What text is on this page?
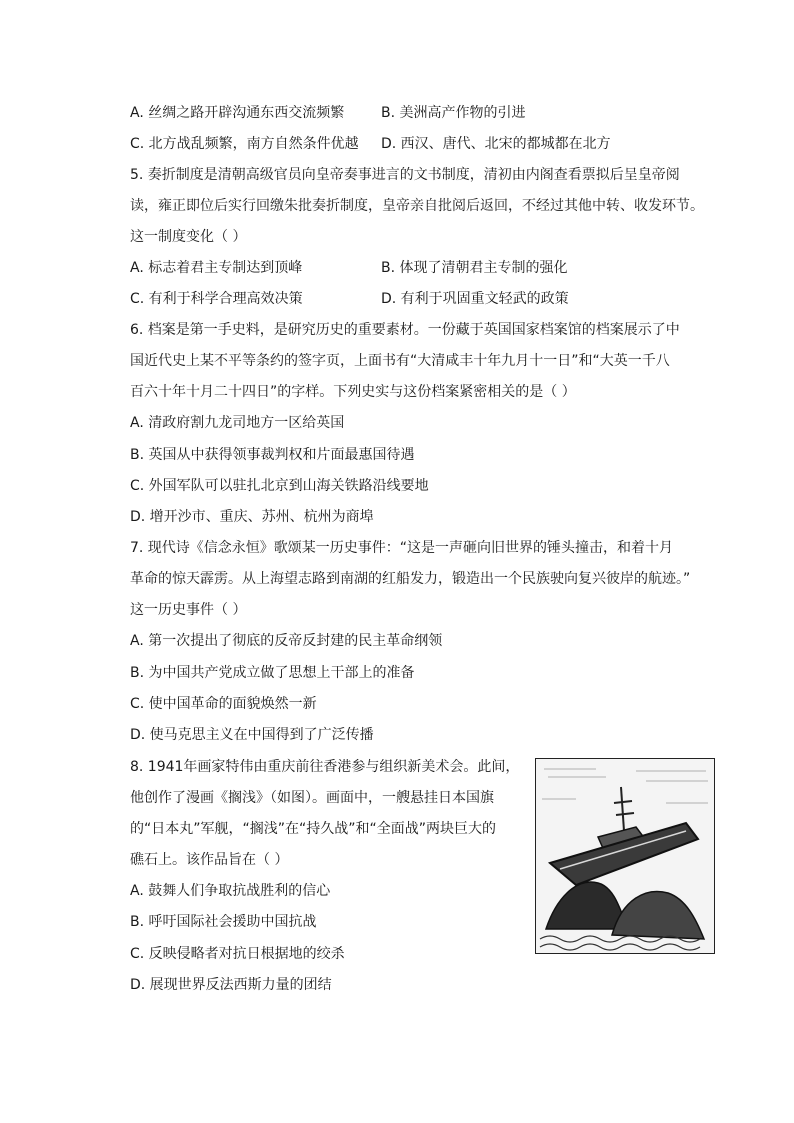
A. 丝绸之路开辟沟通东西交流频繁	B. 美洲高产作物的引进
C. 北方战乱频繁，南方自然条件优越 D. 西汉、唐代、北宋的都城都在北方
5. 奏折制度是清朝高级官员向皇帝奏事进言的文书制度，清初由内阁查看票拟后呈皇帝阅
读，雍正即位后实行回缴朱批奏折制度，皇帝亲自批阅后返回，不经过其他中转、收发环节。
这一制度变化（ ）
A. 标志着君主专制达到顶峰	B. 体现了清朝君主专制的强化
C. 有利于科学合理高效决策	D. 有利于巩固重文轻武的政策
6. 档案是第一手史料，是研究历史的重要素材。一份藏于英国国家档案馆的档案展示了中
国近代史上某不平等条约的签字页，上面书有“大清咸丰十年九月十一日”和“大英一千八
百六十年十月二十四日”的字样。下列史实与这份档案紧密相关的是（ ）
A. 清政府割九龙司地方一区给英国
B. 英国从中获得领事裁判权和片面最惠国待遇
C. 外国军队可以驻扎北京到山海关铁路沿线要地
D. 增开沙市、重庆、苏州、杭州为商埠
7. 现代诗《信念永恒》歌颂某一历史事件：“这是一声砸向旧世界的锤头撞击，和着十月
革命的惊天霹雳。从上海望志路到南湖的红船发力，锻造出一个民族驶向复兴彼岸的航迹。”
这一历史事件（ ）
A. 第一次提出了彻底的反帝反封建的民主革命纲领
B. 为中国共产党成立做了思想上干部上的准备
C. 使中国革命的面貌焕然一新
D. 使马克思主义在中国得到了广泛传播
8. 1941年画家特伟由重庆前往香港参与组织新美术会。此间，
他创作了漫画《搁浅》（如图）。画面中，一艘悬挂日本国旗
的“日本丸”军舰，“搁浅”在“持久战”和“全面战”两块巨大的
礁石上。该作品旨在（ ）
A. 鼓舞人们争取抗战胜利的信心
B. 呼吁国际社会援助中国抗战
C. 反映侵略者对抗日根据地的绞杀
D. 展现世界反法西斯力量的团结
